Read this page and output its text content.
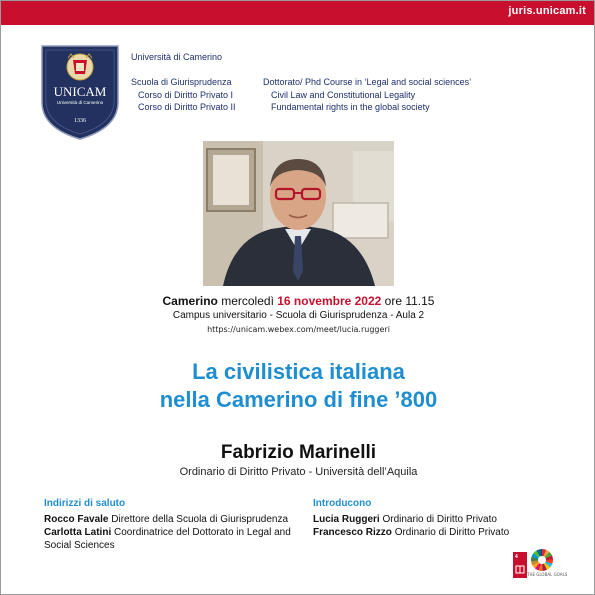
juris.unicam.it
UNICAM
Università di Camerino
1336
Università di Camerino
Scuola di Giurisprudenza
Corso di Diritto Privato I
Corso di Diritto Privato II
Dottorato/ Phd Course in ‘Legal and social sciences’
Civil Law and Constitutional Legality
Fundamental rights in the global society
Camerino mercoledì 16 novembre 2022 ore 11.15
Campus universitario - Scuola di Giurisprudenza - Aula 2
https://unicam.webex.com/meet/lucia.ruggeri
La civilistica italiana
nella Camerino di fine ’800
Fabrizio Marinelli
Ordinario di Diritto Privato - Università dell’Aquila
Indirizzi di saluto
Rocco Favale Direttore della Scuola di Giurisprudenza
Carlotta Latini Coordinatrice del Dottorato in Legal and Social Sciences
Introducono
Lucia Ruggeri Ordinario di Diritto Privato
Francesco Rizzo Ordinario di Diritto Privato
4
THE GLOBAL GOALS
